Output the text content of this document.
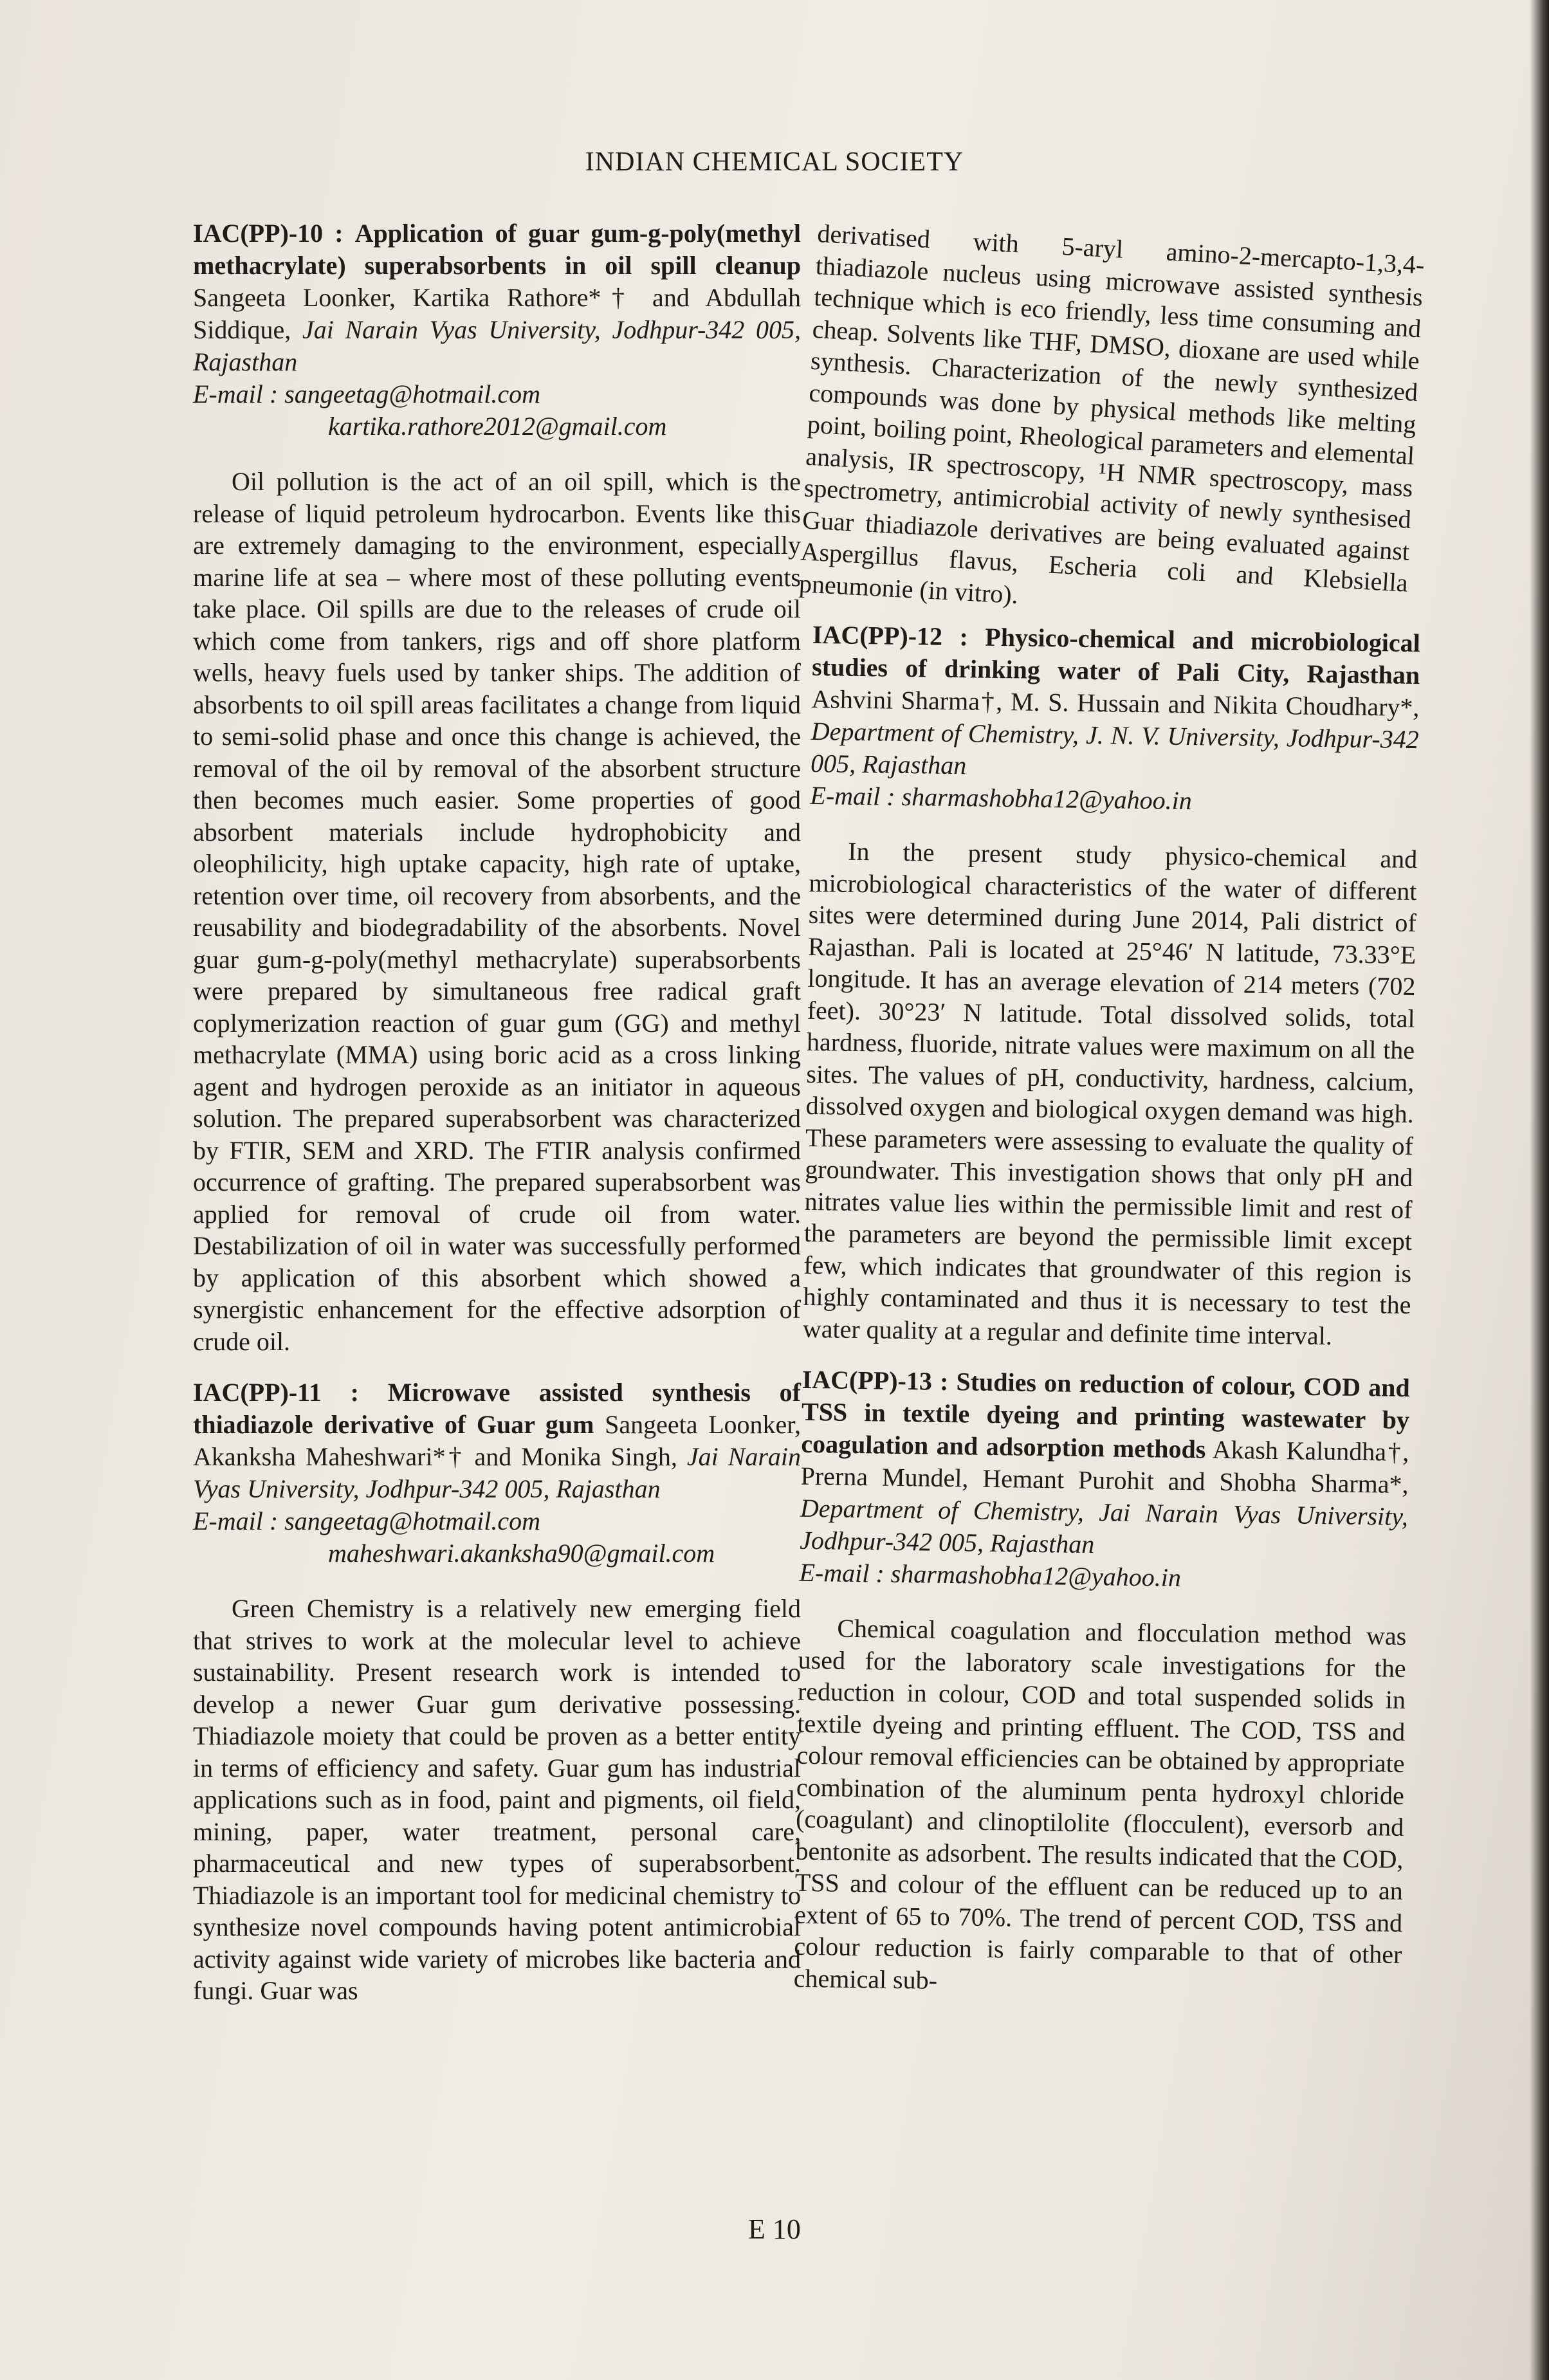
INDIAN CHEMICAL SOCIETY

IAC(PP)-10 : Application of guar gum-g-poly(methyl methacrylate) superabsorbents in oil spill cleanup Sangeeta Loonker, Kartika Rathore*† and Abdullah Siddique, Jai Narain Vyas University, Jodhpur-342 005, Rajasthan

E-mail : sangeetag@hotmail.com

kartika.rathore2012@gmail.com

Oil pollution is the act of an oil spill, which is the release of liquid petroleum hydrocarbon. Events like this are extremely damaging to the environment, especially marine life at sea – where most of these polluting events take place. Oil spills are due to the releases of crude oil which come from tankers, rigs and off shore platform wells, heavy fuels used by tanker ships. The addition of absorbents to oil spill areas facilitates a change from liquid to semi-solid phase and once this change is achieved, the removal of the oil by removal of the absorbent structure then becomes much easier. Some properties of good absorbent materials include hydrophobicity and oleophilicity, high uptake capacity, high rate of uptake, retention over time, oil recovery from absorbents, and the reusability and biodegradability of the absorbents. Novel guar gum-g-poly(methyl methacrylate) superabsorbents were prepared by simultaneous free radical graft coplymerization reaction of guar gum (GG) and methyl methacrylate (MMA) using boric acid as a cross linking agent and hydrogen peroxide as an initiator in aqueous solution. The prepared superabsorbent was characterized by FTIR, SEM and XRD. The FTIR analysis confirmed occurrence of grafting. The prepared superabsorbent was applied for removal of crude oil from water. Destabilization of oil in water was successfully performed by application of this absorbent which showed a synergistic enhancement for the effective adsorption of crude oil.

IAC(PP)-11 : Microwave assisted synthesis of thiadiazole derivative of Guar gum Sangeeta Loonker, Akanksha Maheshwari*† and Monika Singh, Jai Narain Vyas University, Jodhpur-342 005, Rajasthan

E-mail : sangeetag@hotmail.com

maheshwari.akanksha90@gmail.com

Green Chemistry is a relatively new emerging field that strives to work at the molecular level to achieve sustainability. Present research work is intended to develop a newer Guar gum derivative possessing. Thiadiazole moiety that could be proven as a better entity in terms of efficiency and safety. Guar gum has industrial applications such as in food, paint and pigments, oil field, mining, paper, water treatment, personal care, pharmaceutical and new types of superabsorbent. Thiadiazole is an important tool for medicinal chemistry to synthesize novel compounds having potent antimicrobial activity against wide variety of microbes like bacteria and fungi. Guar was

derivatised with 5-aryl amino-2-mercapto-1,3,4-thiadiazole nucleus using microwave assisted synthesis technique which is eco friendly, less time consuming and cheap. Solvents like THF, DMSO, dioxane are used while synthesis. Characterization of the newly synthesized compounds was done by physical methods like melting point, boiling point, Rheological parameters and elemental analysis, IR spectroscopy, ¹H NMR spectroscopy, mass spectrometry, antimicrobial activity of newly synthesised Guar thiadiazole derivatives are being evaluated against Aspergillus flavus, Escheria coli and Klebsiella pneumonie (in vitro).

IAC(PP)-12 : Physico-chemical and microbiological studies of drinking water of Pali City, Rajasthan Ashvini Sharma†, M. S. Hussain and Nikita Choudhary*, Department of Chemistry, J. N. V. University, Jodhpur-342 005, Rajasthan

E-mail : sharmashobha12@yahoo.in

In the present study physico-chemical and microbiological characteristics of the water of different sites were determined during June 2014, Pali district of Rajasthan. Pali is located at 25°46′ N latitude, 73.33°E longitude. It has an average elevation of 214 meters (702 feet). 30°23′ N latitude. Total dissolved solids, total hardness, fluoride, nitrate values were maximum on all the sites. The values of pH, conductivity, hardness, calcium, dissolved oxygen and biological oxygen demand was high. These parameters were assessing to evaluate the quality of groundwater. This investigation shows that only pH and nitrates value lies within the permissible limit and rest of the parameters are beyond the permissible limit except few, which indicates that groundwater of this region is highly contaminated and thus it is necessary to test the water quality at a regular and definite time interval.

IAC(PP)-13 : Studies on reduction of colour, COD and TSS in textile dyeing and printing wastewater by coagulation and adsorption methods Akash Kalundha†, Prerna Mundel, Hemant Purohit and Shobha Sharma*, Department of Chemistry, Jai Narain Vyas University, Jodhpur-342 005, Rajasthan

E-mail : sharmashobha12@yahoo.in

Chemical coagulation and flocculation method was used for the laboratory scale investigations for the reduction in colour, COD and total suspended solids in textile dyeing and printing effluent. The COD, TSS and colour removal efficiencies can be obtained by appropriate combination of the aluminum penta hydroxyl chloride (coagulant) and clinoptilolite (flocculent), eversorb and bentonite as adsorbent. The results indicated that the COD, TSS and colour of the effluent can be reduced up to an extent of 65 to 70%. The trend of percent COD, TSS and colour reduction is fairly comparable to that of other chemical sub-

E 10
